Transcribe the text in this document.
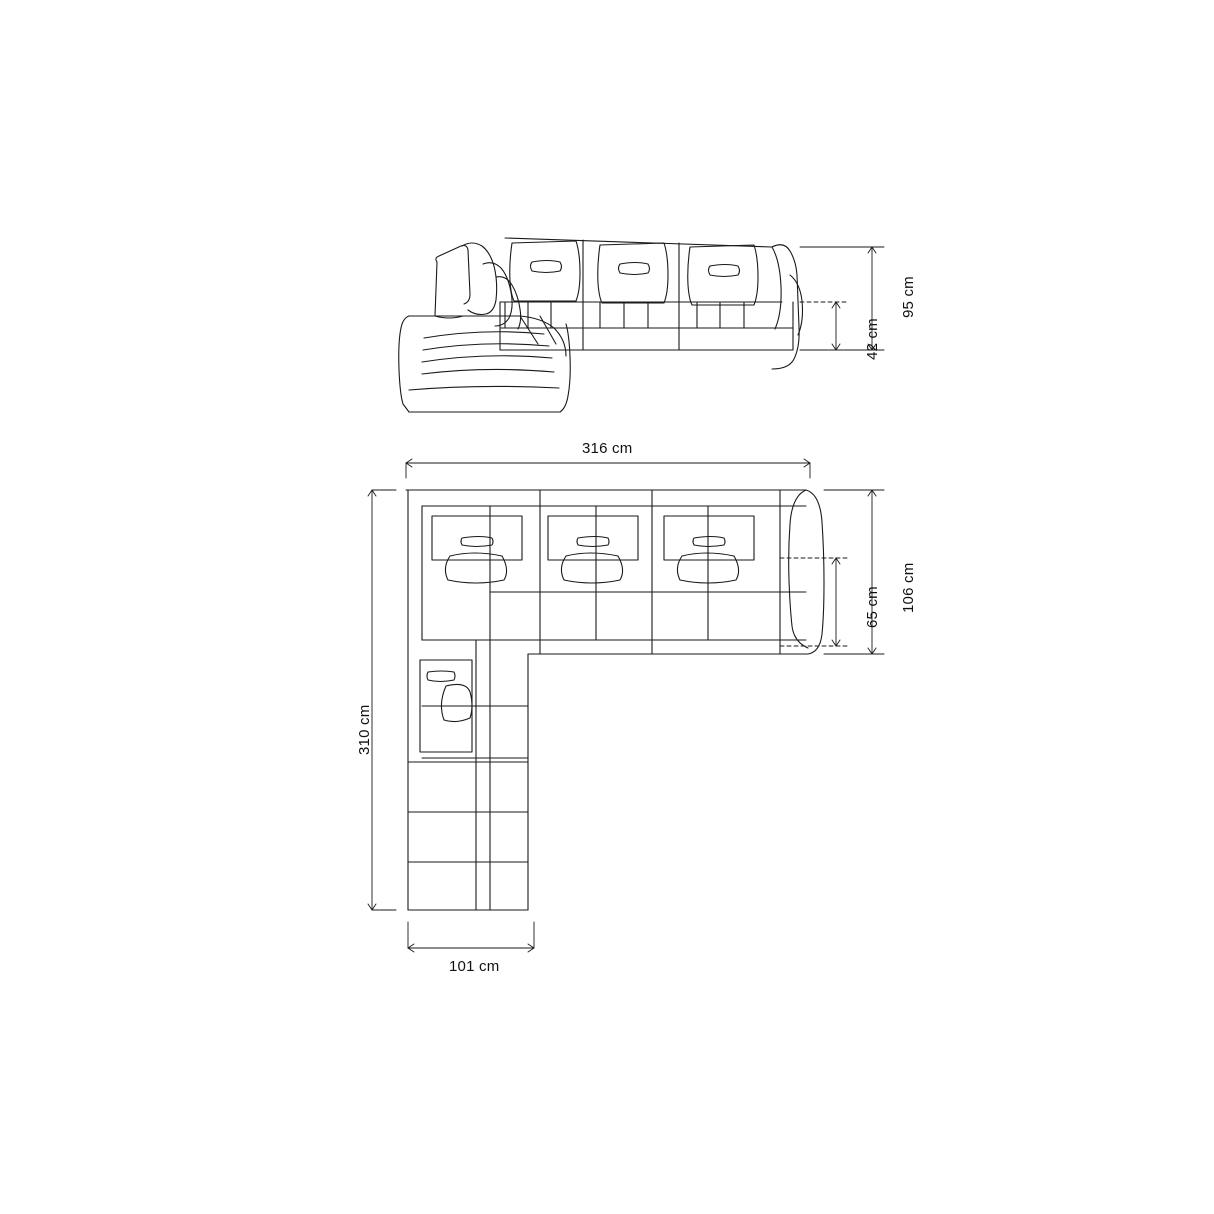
95 cm
42 cm
316 cm
310 cm
106 cm
65 cm
101 cm
